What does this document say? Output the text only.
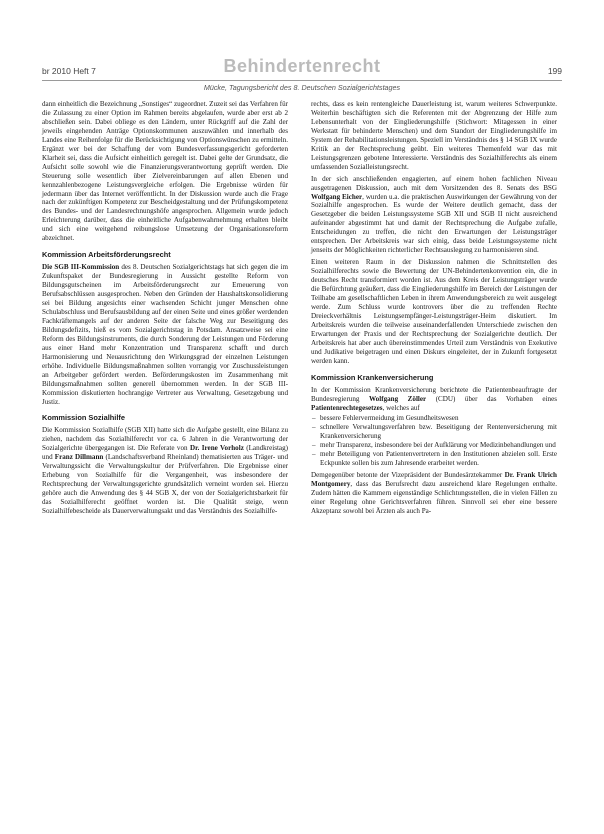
br 2010 Heft 7	Behindertenrecht	199
Mücke, Tagungsbericht des 8. Deutschen Sozialgerichtstages

dann einheitlich die Bezeichnung „Sonstiges“ zugeordnet. Zuzeit sei das Verfahren für die Zulassung zu einer Option im Rahmen bereits abgelaufen, wurde aber erst ab 2 abschließen sein. Dabei obliege es den Ländern, unter Rückgriff auf die Zahl der jeweils eingehenden Anträge Optionskommunen auszuwählen und innerhalb des Landes eine Reihenfolge für die Berücksichtigung von Optionswünschen zu ermitteln. Ergänzt wer bei der Schaffung der vom Bundesverfassungsgericht geforderten Klarheit sei, dass die Aufsicht einheitlich geregelt ist. Dabei gelte der Grundsatz, die Aufsicht solle sowohl wie die Finanzierungsverantwortung geprüft werden. Die Steuerung solle wesentlich über Zielvereinbarungen auf allen Ebenen und kennzahlenbezogene Leistungsvergleiche erfolgen. Die Ergebnisse würden für jedermann über das Internet veröffentlicht. In der Diskussion wurde auch die Frage nach der zukünftigen Kompetenz zur Bescheidgestaltung und der Prüfungskompetenz des Bundes- und der Landesrechnungshöfe angesprochen. Allgemein wurde jedoch Erleichterung darüber, dass die einheitliche Aufgabenwahrnehmung erhalten bleibt und sich eine weitgehend reibungslose Umsetzung der Organisationsreform abzeichnet.

Kommission Arbeitsförderungsrecht

Die SGB III-Kommission des 8. Deutschen Sozialgerichtstags hat sich gegen die im Zukunftspaket der Bundesregierung in Aussicht gestellte Reform von Bildungsgutscheinen im Arbeitsförderungsrecht zur Erneuerung von Berufsabschlüssen ausgesprochen. Neben den Gründen der Haushaltskonsolidierung sei bei Bildung angesichts einer wachsenden Schicht junger Menschen ohne Schulabschluss und Berufsausbildung auf der einen Seite und eines größer werdenden Fachkräftemangels auf der anderen Seite der falsche Weg zur Beseitigung des Bildungsdefizits, hieß es vom Sozialgerichtstag in Potsdam. Ansatzweise sei eine Reform des Bildungsinstruments, die durch Sonderung der Leistungen und Förderung aus einer Hand mehr Konzentration und Transparenz schafft und durch Harmonisierung und Neuausrichtung den Wirkungsgrad der einzelnen Leistungen erhöhe. Individuelle Bildungsmaßnahmen sollten vorrangig vor Zuschussleistungen an Arbeitgeber gefördert werden. Beförderungskosten im Zusammenhang mit Bildungsmaßnahmen sollten generell übernommen werden. In der SGB III-Kommission diskutierten hochrangige Vertreter aus Verwaltung, Gesetzgebung und Justiz.

Kommission Sozialhilfe

Die Kommission Sozialhilfe (SGB XII) hatte sich die Aufgabe gestellt, eine Bilanz zu ziehen, nachdem das Sozialhilferecht vor ca. 6 Jahren in die Verantwortung der Sozialgerichte übergegangen ist. Die Referate von Dr. Irene Vorholz (Landkreistag) und Franz Dillmann (Landschaftsverband Rheinland) thematisierten aus Träger- und Verwaltungssicht die Verwaltungskultur der Prüfverfahren. Die Ergebnisse einer Erhebung von Sozialhilfe für die Vergangenheit, was insbesondere der Rechtsprechung der Verwaltungsgerichte grundsätzlich verneint worden sei. Hierzu gehöre auch die Anwendung des § 44 SGB X, der von der Sozialgerichtsbarkeit für das Sozialhilferecht geöffnet worden ist. Die Qualität steige, wenn Sozialhilfebescheide als Dauerverwaltungsakt und das Verständnis des Sozialhilfe-

rechts, dass es kein rentengleiche Dauerleistung ist, warum weiteres Schwerpunkte. Weiterhin beschäftigten sich die Referenten mit der Abgrenzung der Hilfe zum Lebensunterhalt von der Eingliederungshilfe (Stichwort: Mitagessen in einer Werkstatt für behinderte Menschen) und dem Standort der Eingliederungshilfe im System der Rehabilitationsleistungen. Speziell im Verständnis des § 14 SGB IX wurde Kritik an der Rechtsprechung geübt. Ein weiteres Themenfeld war das mit Leistungsgrenzen gebotene Interessierte. Verständnis des Sozialhilferechts als einem umfassenden Sozialleistungsrecht.

In der sich anschließenden engagierten, auf einem hohen fachlichen Niveau ausgetragenen Diskussion, auch mit dem Vorsitzenden des 8. Senats des BSG Wolfgang Eicher, wurden u.a. die praktischen Auswirkungen der Gewährung von der Sozialhilfe angesprochen. Es wurde der Weitere deutlich gemacht, dass der Gesetzgeber die beiden Leistungssysteme SGB XII und SGB II nicht ausreichend aufeinander abgestimmt hat und damit der Rechtsprechung die Aufgabe zufalle, Entscheidungen zu treffen, die nicht den Erwartungen der Leistungsträger entsprechen. Der Arbeitskreis war sich einig, dass beide Leistungssysteme nicht jenseits der Möglichkeiten richterlicher Rechtsauslegung zu harmonisieren sind.

Einen weiteren Raum in der Diskussion nahmen die Schnittstellen des Sozialhilferechts sowie die Bewertung der UN-Behindertenkonvention ein, die in deutsches Recht transformiert worden ist. Aus dem Kreis der Leistungsträger wurde die Befürchtung geäußert, dass die Eingliederungshilfe im Bereich der Leistungen der Teilhabe am gesellschaftlichen Leben in ihrem Anwendungsbereich zu weit ausgelegt werde. Zum Schluss wurde kontrovers über die zu treffenden Rechte Dreieckverhältnis Leistungsempfänger-Leistungsträger-Heim diskutiert. Im Arbeitskreis wurden die teilweise auseinanderfallenden Unterschiede zwischen den Erwartungen der Praxis und der Rechtsprechung der Sozialgerichte deutlich. Der Arbeitskreis hat aber auch übereinstimmendes Urteil zum Verständnis von Exekutive und Judikative beigetragen und einen Diskurs eingeleitet, der in Zukunft fortgesetzt werden kann.

Kommission Krankenversicherung

In der Kommission Krankenversicherung berichtete die Patientenbeauftragte der Bundesregierung Wolfgang Zöller (CDU) über das Vorhaben eines Patientenrechtegesetzes, welches auf

– bessere Fehlervermeidung im Gesundheitswesen
– schnellere Verwaltungsverfahren bzw. Beseitigung der Rentenversicherung mit Krankenversicherung
– mehr Transparenz, insbesondere bei der Aufklärung vor Medizinbehandlungen und
– mehr Beteiligung von Patientenvertretern in den Institutionen abzielen soll. Erste Eckpunkte sollen bis zum Jahresende erarbeitet werden.

Demgegenüber betonte der Vizepräsident der Bundesärztekammer Dr. Frank Ulrich Montgomery, dass das Berufsrecht dazu ausreichend klare Regelungen enthalte. Zudem hätten die Kammern eigenständige Schlichtungsstellen, die in vielen Fällen zu einer Regelung ohne Gerichtsverfahren führen. Sinnvoll sei eher eine bessere Akzeptanz sowohl bei Ärzten als auch Pa-
